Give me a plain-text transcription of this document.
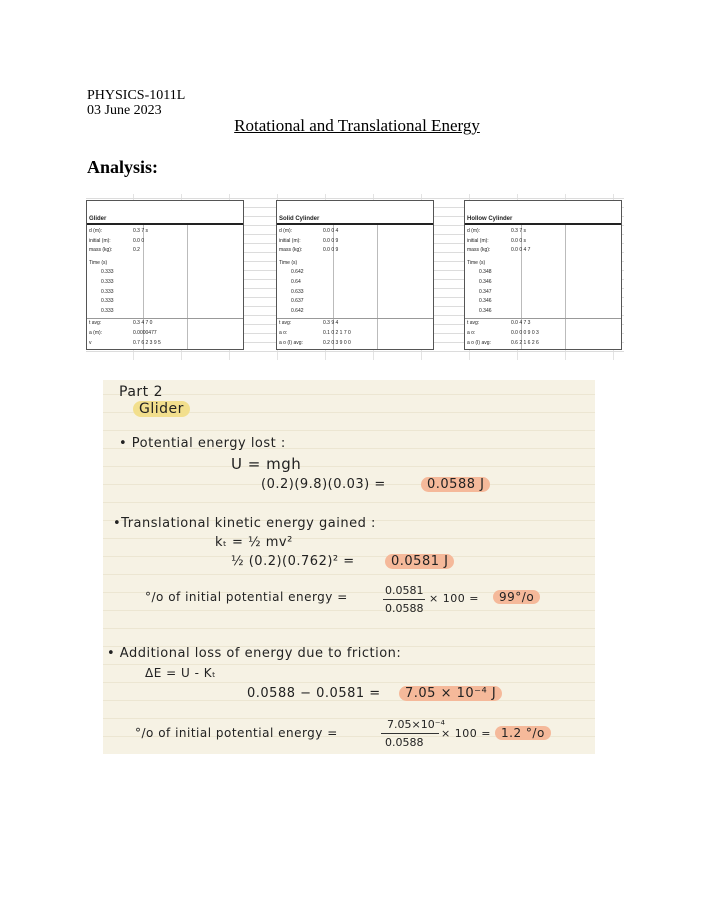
PHYSICS-1011L
03 June 2023
Rotational and Translational Energy
Analysis:
Glider
d (m):	0.3 7 s
initial (m):	0.0 0
mass (kg):	0.2
Time (s)
0.333
0.333
0.333
0.333
0.333
t avg:	0.3 4 7 0
a (m):	0.0000477
v	0.7 6 2 3 9 5
Solid Cylinder
d (m):	0.0 0 4
initial (m):	0.0 0 9
mass (kg):	0.0 0 9
Time (s)
0.642
0.64
0.633
0.637
0.642
t avg:	0.3 9 4
a o:	0.1 0 2 1 7 0
a o (I) avg:	0.2 0 3 9 0 0
Hollow Cylinder
d (m):	0.3 7 s
initial (m):	0.0 0 s
mass (kg):	0.0 0 4 7
Time (s)
0.348
0.346
0.347
0.346
0.346
t avg:	0.0 4 7 3
a o:	0.0 0 0 9 0 3
a o (I) avg:	0.6 2 1 6 2 6
Part 2
Glider
• Potential energy lost :
U = mgh
(0.2)(9.8)(0.03) =	0.0588 J
•Translational kinetic energy gained :
kₜ = ½ mv²
½ (0.2)(0.762)² =	0.0581 J
°/o of initial potential energy =	0.0581
0.0588
× 100 =	99°/o
• Additional loss of energy due to friction:
ΔE = U - Kₜ
0.0588 − 0.0581 =	7.05 × 10⁻⁴ J
°/o of initial potential energy =
7.05×10⁻⁴
0.0588
× 100 = 1.2 °/o
